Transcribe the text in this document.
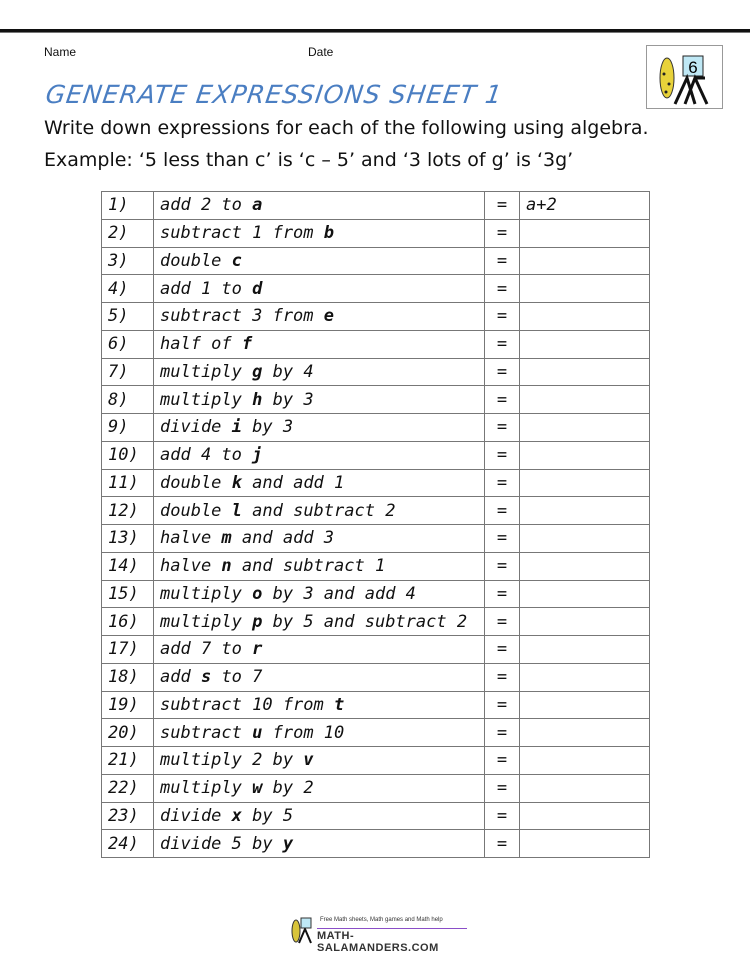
Name	Date
6
GENERATE EXPRESSIONS SHEET 1
Write down expressions for each of the following using algebra.
Example: ‘5 less than c’ is ‘c – 5’ and ‘3 lots of g’ is ‘3g’
1)	add 2 to a	=	a+2
2)	subtract 1 from b	=	
3)	double c	=	
4)	add 1 to d	=	
5)	subtract 3 from e	=	
6)	half of f	=	
7)	multiply g by 4	=	
8)	multiply h by 3	=	
9)	divide i by 3	=	
10)	add 4 to j	=	
11)	double k and add 1	=	
12)	double l and subtract 2	=	
13)	halve m and add 3	=	
14)	halve n and subtract 1	=	
15)	multiply o by 3 and add 4	=	
16)	multiply p by 5 and subtract 2	=	
17)	add 7 to r	=	
18)	add s to 7	=	
19)	subtract 10 from t	=	
20)	subtract u from 10	=	
21)	multiply 2 by v	=	
22)	multiply w by 2	=	
23)	divide x by 5	=	
24)	divide 5 by y	=	
Free Math sheets, Math games and Math help
MATH-SALAMANDERS.COM
